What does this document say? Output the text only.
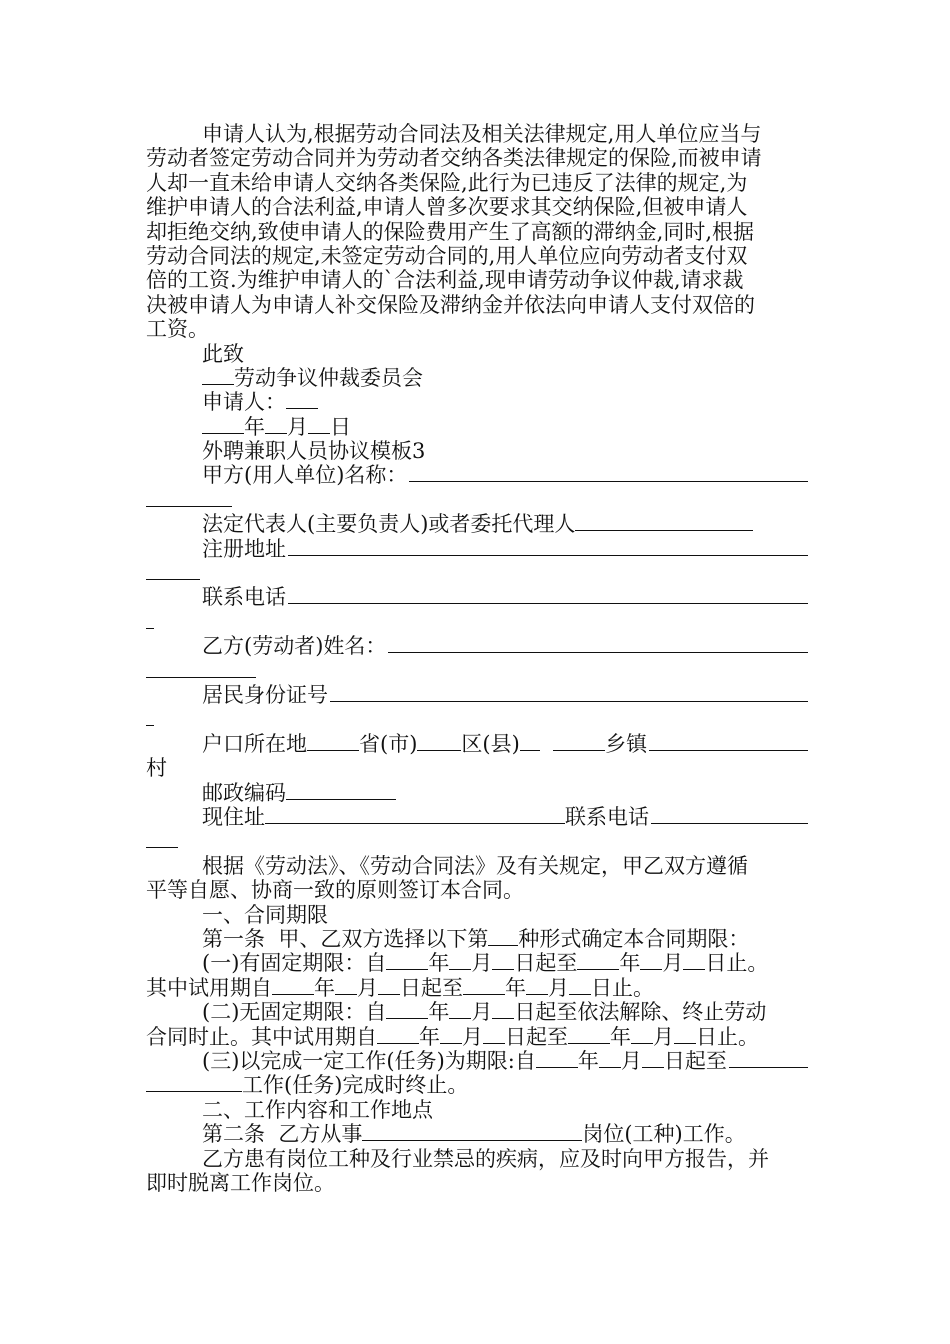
申请人认为,根据劳动合同法及相关法律规定,用人单位应当与
劳动者签定劳动合同并为劳动者交纳各类法律规定的保险,而被申请
人却一直未给申请人交纳各类保险,此行为已违反了法律的规定,为
维护申请人的合法利益,申请人曾多次要求其交纳保险,但被申请人
却拒绝交纳,致使申请人的保险费用产生了高额的滞纳金,同时,根据
劳动合同法的规定,未签定劳动合同的,用人单位应向劳动者支付双
倍的工资.为维护申请人的`合法利益,现申请劳动争议仲裁,请求裁
决被申请人为申请人补交保险及滞纳金并依法向申请人支付双倍的
工资。
此致
劳动争议仲裁委员会
申请人：
年 月 日
外聘兼职人员协议模板3
甲方(用人单位)名称：
法定代表人(主要负责人)或者委托代理人
注册地址
联系电话
乙方(劳动者)姓名：
居民身份证号
户口所在地 省(市) 区(县)
	乡镇
村
邮政编码
现住址	联系电话
根据《劳动法》、《劳动合同法》及有关规定，甲乙双方遵循
平等自愿、协商一致的原则签订本合同。
一、合同期限
第一条  甲、乙双方选择以下第 种形式确定本合同期限：
(一)有固定期限：自 年 月 日起至 年 月 日止。
其中试用期自 年 月 日起至 年 月 日止。
(二)无固定期限：自 年 月 日起至依法解除、终止劳动
合同时止。其中试用期自 年 月 日起至 年 月 日止。
(三)以完成一定工作(任务)为期限:自 年 月 日起至
工作(任务)完成时终止。
二、工作内容和工作地点
第二条  乙方从事	岗位(工种)工作。
乙方患有岗位工种及行业禁忌的疾病，应及时向甲方报告，并
即时脱离工作岗位。
